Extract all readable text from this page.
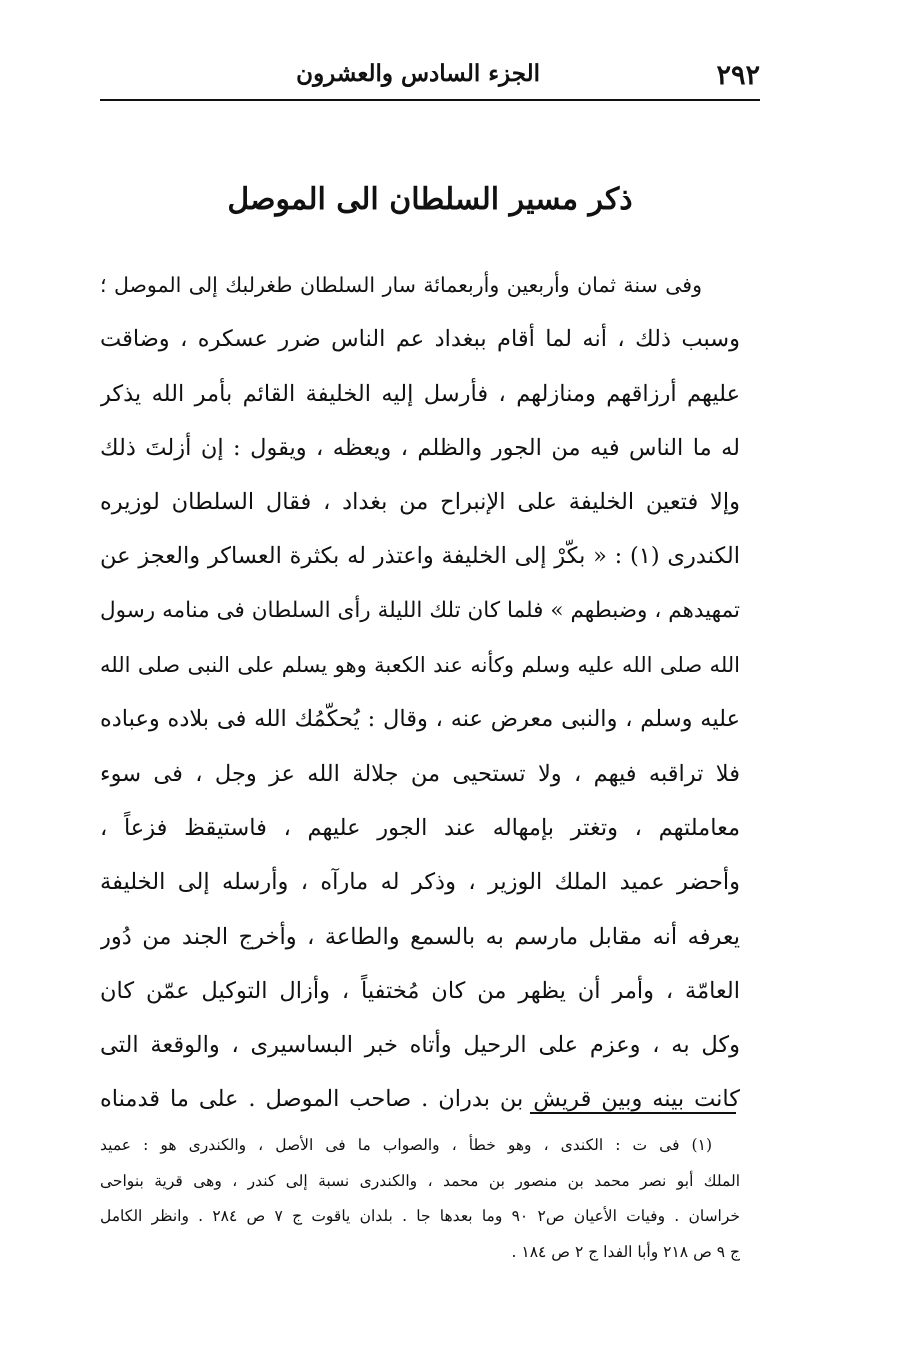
٢٩٢
الجزء السادس والعشرون
ذكر مسير السلطان الى الموصل
وفى سنة ثمان وأربعين وأربعمائة سار السلطان طغرلبك إلى الموصل ؛
وسبب ذلك ، أنه لما أقام ببغداد عم الناس ضرر عسكره ، وضاقت
عليهم أرزاقهم ومنازلهم ، فأرسل إليه الخليفة القائم بأمر الله يذكر
له ما الناس فيه من الجور والظلم ، ويعظه ، ويقول : إن أزلتَ ذلك
وإلا فتعين الخليفة على الإنبراح من بغداد ، فقال السلطان لوزيره
الكندرى (١) : « بكّرْ إلى الخليفة واعتذر له بكثرة العساكر والعجز عن
تمهيدهم ، وضبطهم » فلما كان تلك الليلة رأى السلطان فى منامه رسول
الله صلى الله عليه وسلم وكأنه عند الكعبة وهو يسلم على النبى صلى الله
عليه وسلم ، والنبى معرض عنه ، وقال : يُحكّمُك الله فى بلاده وعباده
فلا تراقبه فيهم ، ولا تستحيى من جلالة الله عز وجل ، فى سوء
معاملتهم ، وتغتر بإمهاله عند الجور عليهم ، فاستيقظ فزعاً ،
وأحضر عميد الملك الوزير ، وذكر له مارآه ، وأرسله إلى الخليفة
يعرفه أنه مقابل مارسم به بالسمع والطاعة ، وأخرج الجند من دُور
العامّة ، وأمر أن يظهر من كان مُختفياً ، وأزال التوكيل عمّن كان
وكل به ، وعزم على الرحيل وأتاه خبر البساسيرى ، والوقعة التى
كانت بينه وبين قريش بن بدران . صاحب الموصل . على ما قدمناه
(١) فى ت : الكندى ، وهو خطأ ، والصواب ما فى الأصل ، والكندرى هو : عميد
الملك أبو نصر محمد بن منصور بن محمد ، والكندرى نسبة إلى كندر ، وهى قرية بنواحى
خراسان . وفيات الأعيان ص٢ ٩٠ وما بعدها جا . بلدان ياقوت ج ٧ ص ٢٨٤ . وانظر الكامل
ج ٩ ص ٢١٨ وأبا الفدا ج ٢ ص ١٨٤ .
